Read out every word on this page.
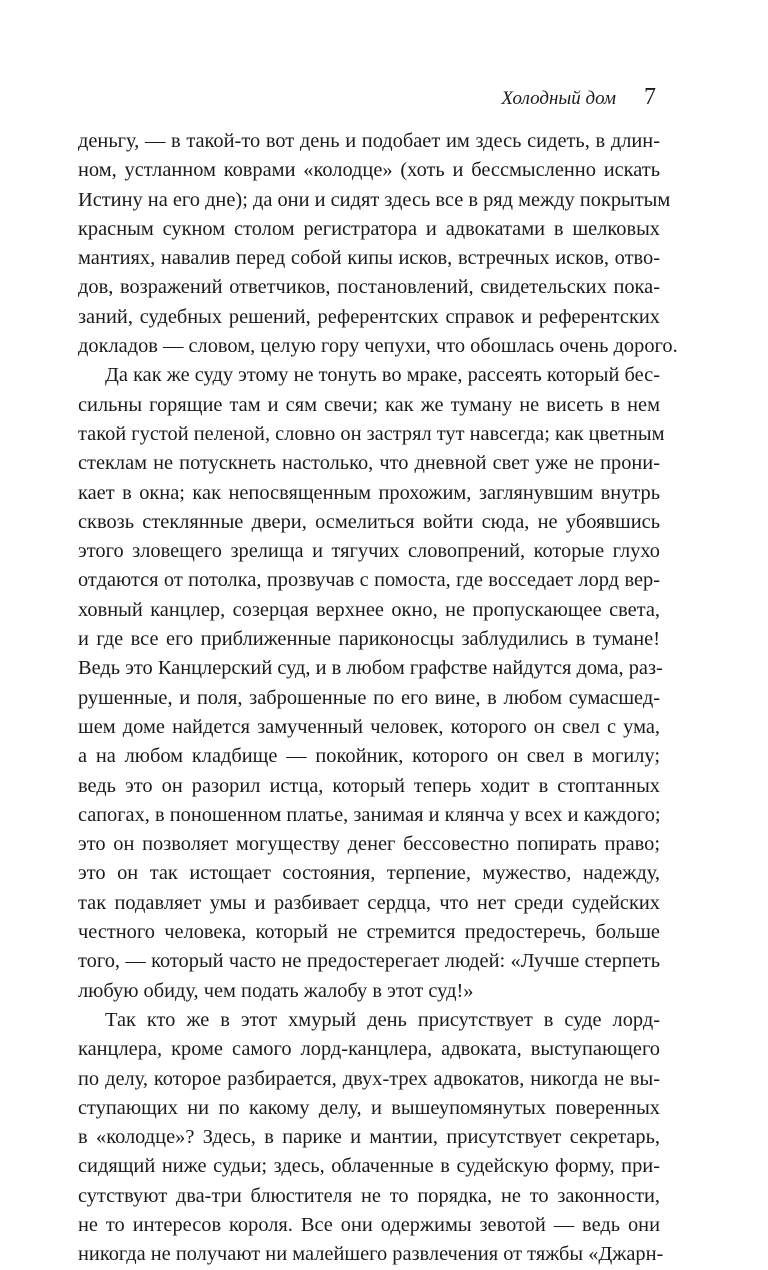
Холодный дом 7
деньгу, — в такой-то вот день и подобает им здесь сидеть, в длин-
ном, устланном коврами «колодце» (хоть и бессмысленно искать
Истину на его дне); да они и сидят здесь все в ряд между покрытым
красным сукном столом регистратора и адвокатами в шелковых
мантиях, навалив перед собой кипы исков, встречных исков, отво-
дов, возражений ответчиков, постановлений, свидетельских пока-
заний, судебных решений, референтских справок и референтских
докладов — словом, целую гору чепухи, что обошлась очень дорого.
Да как же суду этому не тонуть во мраке, рассеять который бес-
сильны горящие там и сям свечи; как же туману не висеть в нем
такой густой пеленой, словно он застрял тут навсегда; как цветным
стеклам не потускнеть настолько, что дневной свет уже не прони-
кает в окна; как непосвященным прохожим, заглянувшим внутрь
сквозь стеклянные двери, осмелиться войти сюда, не убоявшись
этого зловещего зрелища и тягучих словопрений, которые глухо
отдаются от потолка, прозвучав с помоста, где восседает лорд вер-
ховный канцлер, созерцая верхнее окно, не пропускающее света,
и где все его приближенные париконосцы заблудились в тумане!
Ведь это Канцлерский суд, и в любом графстве найдутся дома, раз-
рушенные, и поля, заброшенные по его вине, в любом сумасшед-
шем доме найдется замученный человек, которого он свел с ума,
а на любом кладбище — покойник, которого он свел в могилу;
ведь это он разорил истца, который теперь ходит в стоптанных
сапогах, в поношенном платье, занимая и клянча у всех и каждого;
это он позволяет могуществу денег бессовестно попирать право;
это он так истощает состояния, терпение, мужество, надежду,
так подавляет умы и разбивает сердца, что нет среди судейских
честного человека, который не стремится предостеречь, больше
того, — который часто не предостерегает людей: «Лучше стерпеть
любую обиду, чем подать жалобу в этот суд!»
Так кто же в этот хмурый день присутствует в суде лорд-
канцлера, кроме самого лорд-канцлера, адвоката, выступающего
по делу, которое разбирается, двух-трех адвокатов, никогда не вы-
ступающих ни по какому делу, и вышеупомянутых поверенных
в «колодце»? Здесь, в парике и мантии, присутствует секретарь,
сидящий ниже судьи; здесь, облаченные в судейскую форму, при-
сутствуют два-три блюстителя не то порядка, не то законности,
не то интересов короля. Все они одержимы зевотой — ведь они
никогда не получают ни малейшего развлечения от тяжбы «Джарн-
